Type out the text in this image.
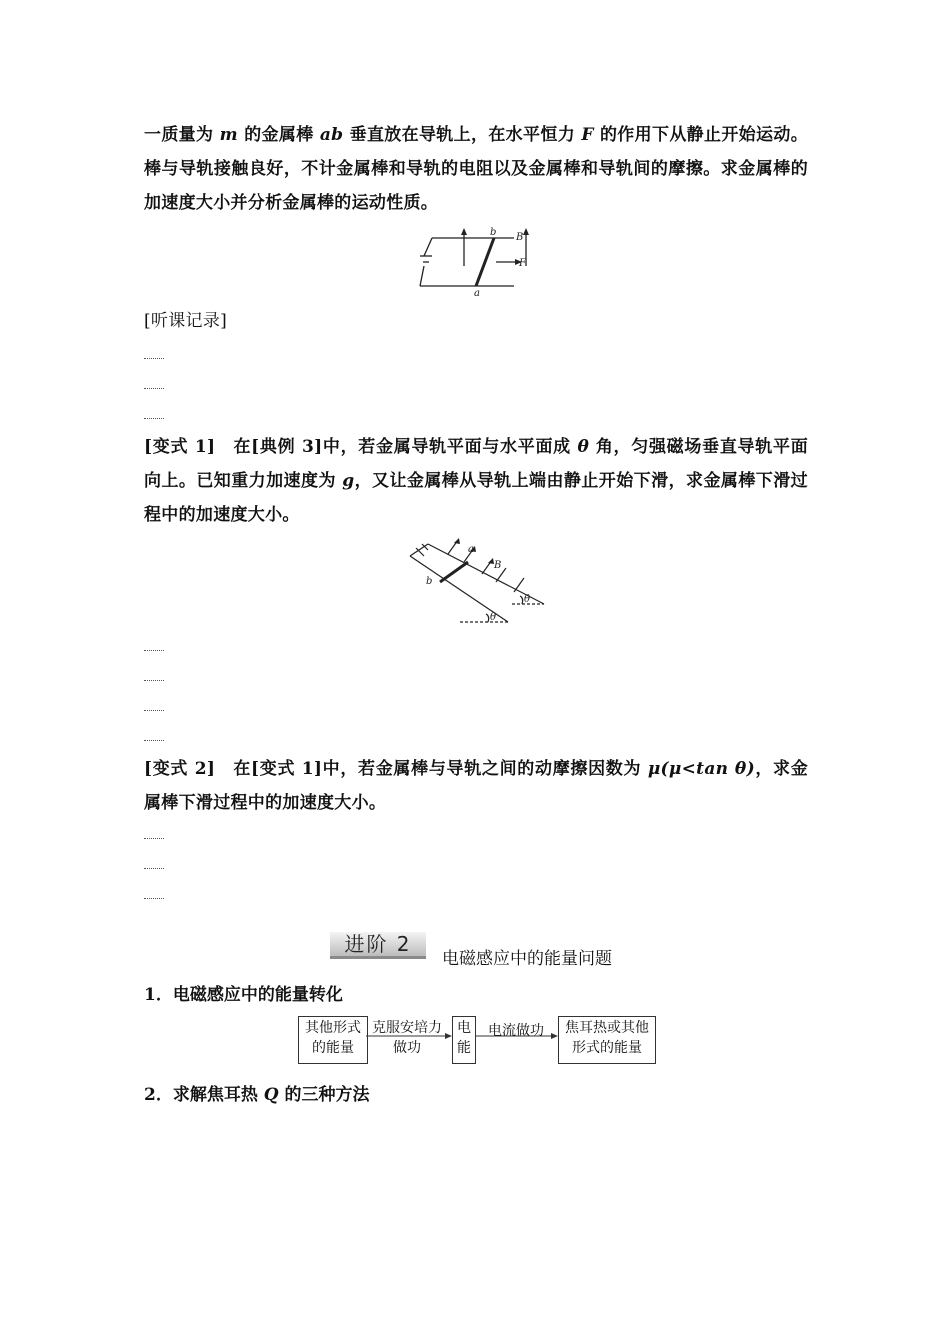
一质量为 m 的金属棒 ab 垂直放在导轨上，在水平恒力 F 的作用下从静止开始运动。棒与导轨接触良好，不计金属棒和导轨的电阻以及金属棒和导轨间的摩擦。求金属棒的加速度大小并分析金属棒的运动性质。
b
a
B
F
[听课记录]
[变式 1]　在[典例 3]中，若金属导轨平面与水平面成 θ 角，匀强磁场垂直导轨平面向上。已知重力加速度为 g，又让金属棒从导轨上端由静止开始下滑，求金属棒下滑过程中的加速度大小。
a
b
B
θ
θ
[变式 2]　在[变式 1]中，若金属棒与导轨之间的动摩擦因数为 μ(μ<tan θ)，求金属棒下滑过程中的加速度大小。
进阶 2
电磁感应中的能量问题
1．电磁感应中的能量转化
其他形式的能量
克服安培力做功
电能
电流做功	焦耳热或其他形式的能量
2．求解焦耳热 Q 的三种方法
